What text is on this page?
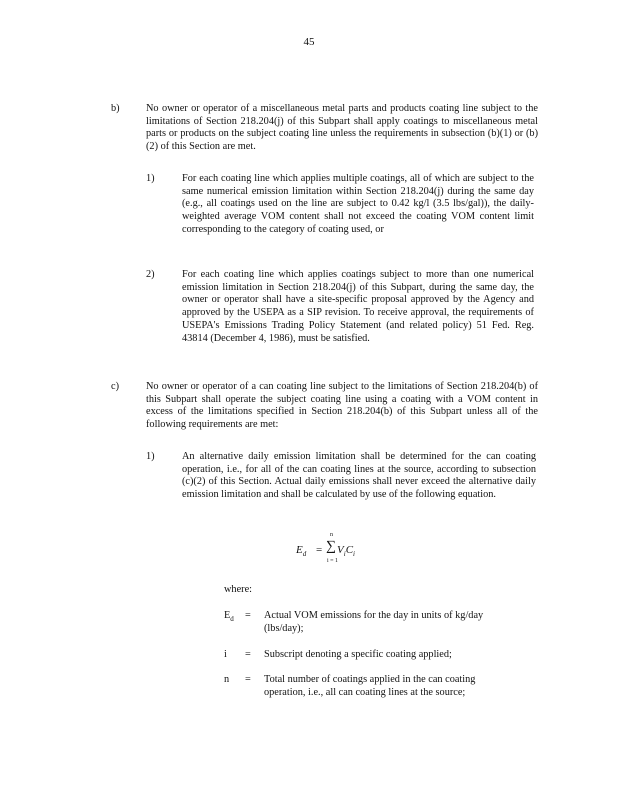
45
b)	No owner or operator of a miscellaneous metal parts and products coating line subject to the limitations of Section 218.204(j) of this Subpart shall apply coatings to miscellaneous metal parts or products on the subject coating line unless the requirements in subsection (b)(1) or (b)(2) of this Section are met.
1)	For each coating line which applies multiple coatings, all of which are subject to the same numerical emission limitation within Section 218.204(j) during the same day (e.g., all coatings used on the line are subject to 0.42 kg/l (3.5 lbs/gal)), the daily-weighted average VOM content shall not exceed the coating VOM content limit corresponding to the category of coating used, or
2)	For each coating line which applies coatings subject to more than one numerical emission limitation in Section 218.204(j) of this Subpart, during the same day, the owner or operator shall have a site-specific proposal approved by the Agency and approved by the USEPA as a SIP revision. To receive approval, the requirements of USEPA's Emissions Trading Policy Statement (and related policy) 51 Fed. Reg. 43814 (December 4, 1986), must be satisfied.
c)	No owner or operator of a can coating line subject to the limitations of Section 218.204(b) of this Subpart shall operate the subject coating line using a coating with a VOM content in excess of the limitations specified in Section 218.204(b) of this Subpart unless all of the following requirements are met:
1)	An alternative daily emission limitation shall be determined for the can coating operation, i.e., for all of the can coating lines at the source, according to subsection (c)(2) of this Section. Actual daily emissions shall never exceed the alternative daily emission limitation and shall be calculated by use of the following equation.
$E_d$ =
n
∑
i = 1
$V_iC_i$
where:
$E_d$ = Actual VOM emissions for the day in units of kg/day (lbs/day);
i = Subscript denoting a specific coating applied;
n = Total number of coatings applied in the can coating operation, i.e., all can coating lines at the source;
